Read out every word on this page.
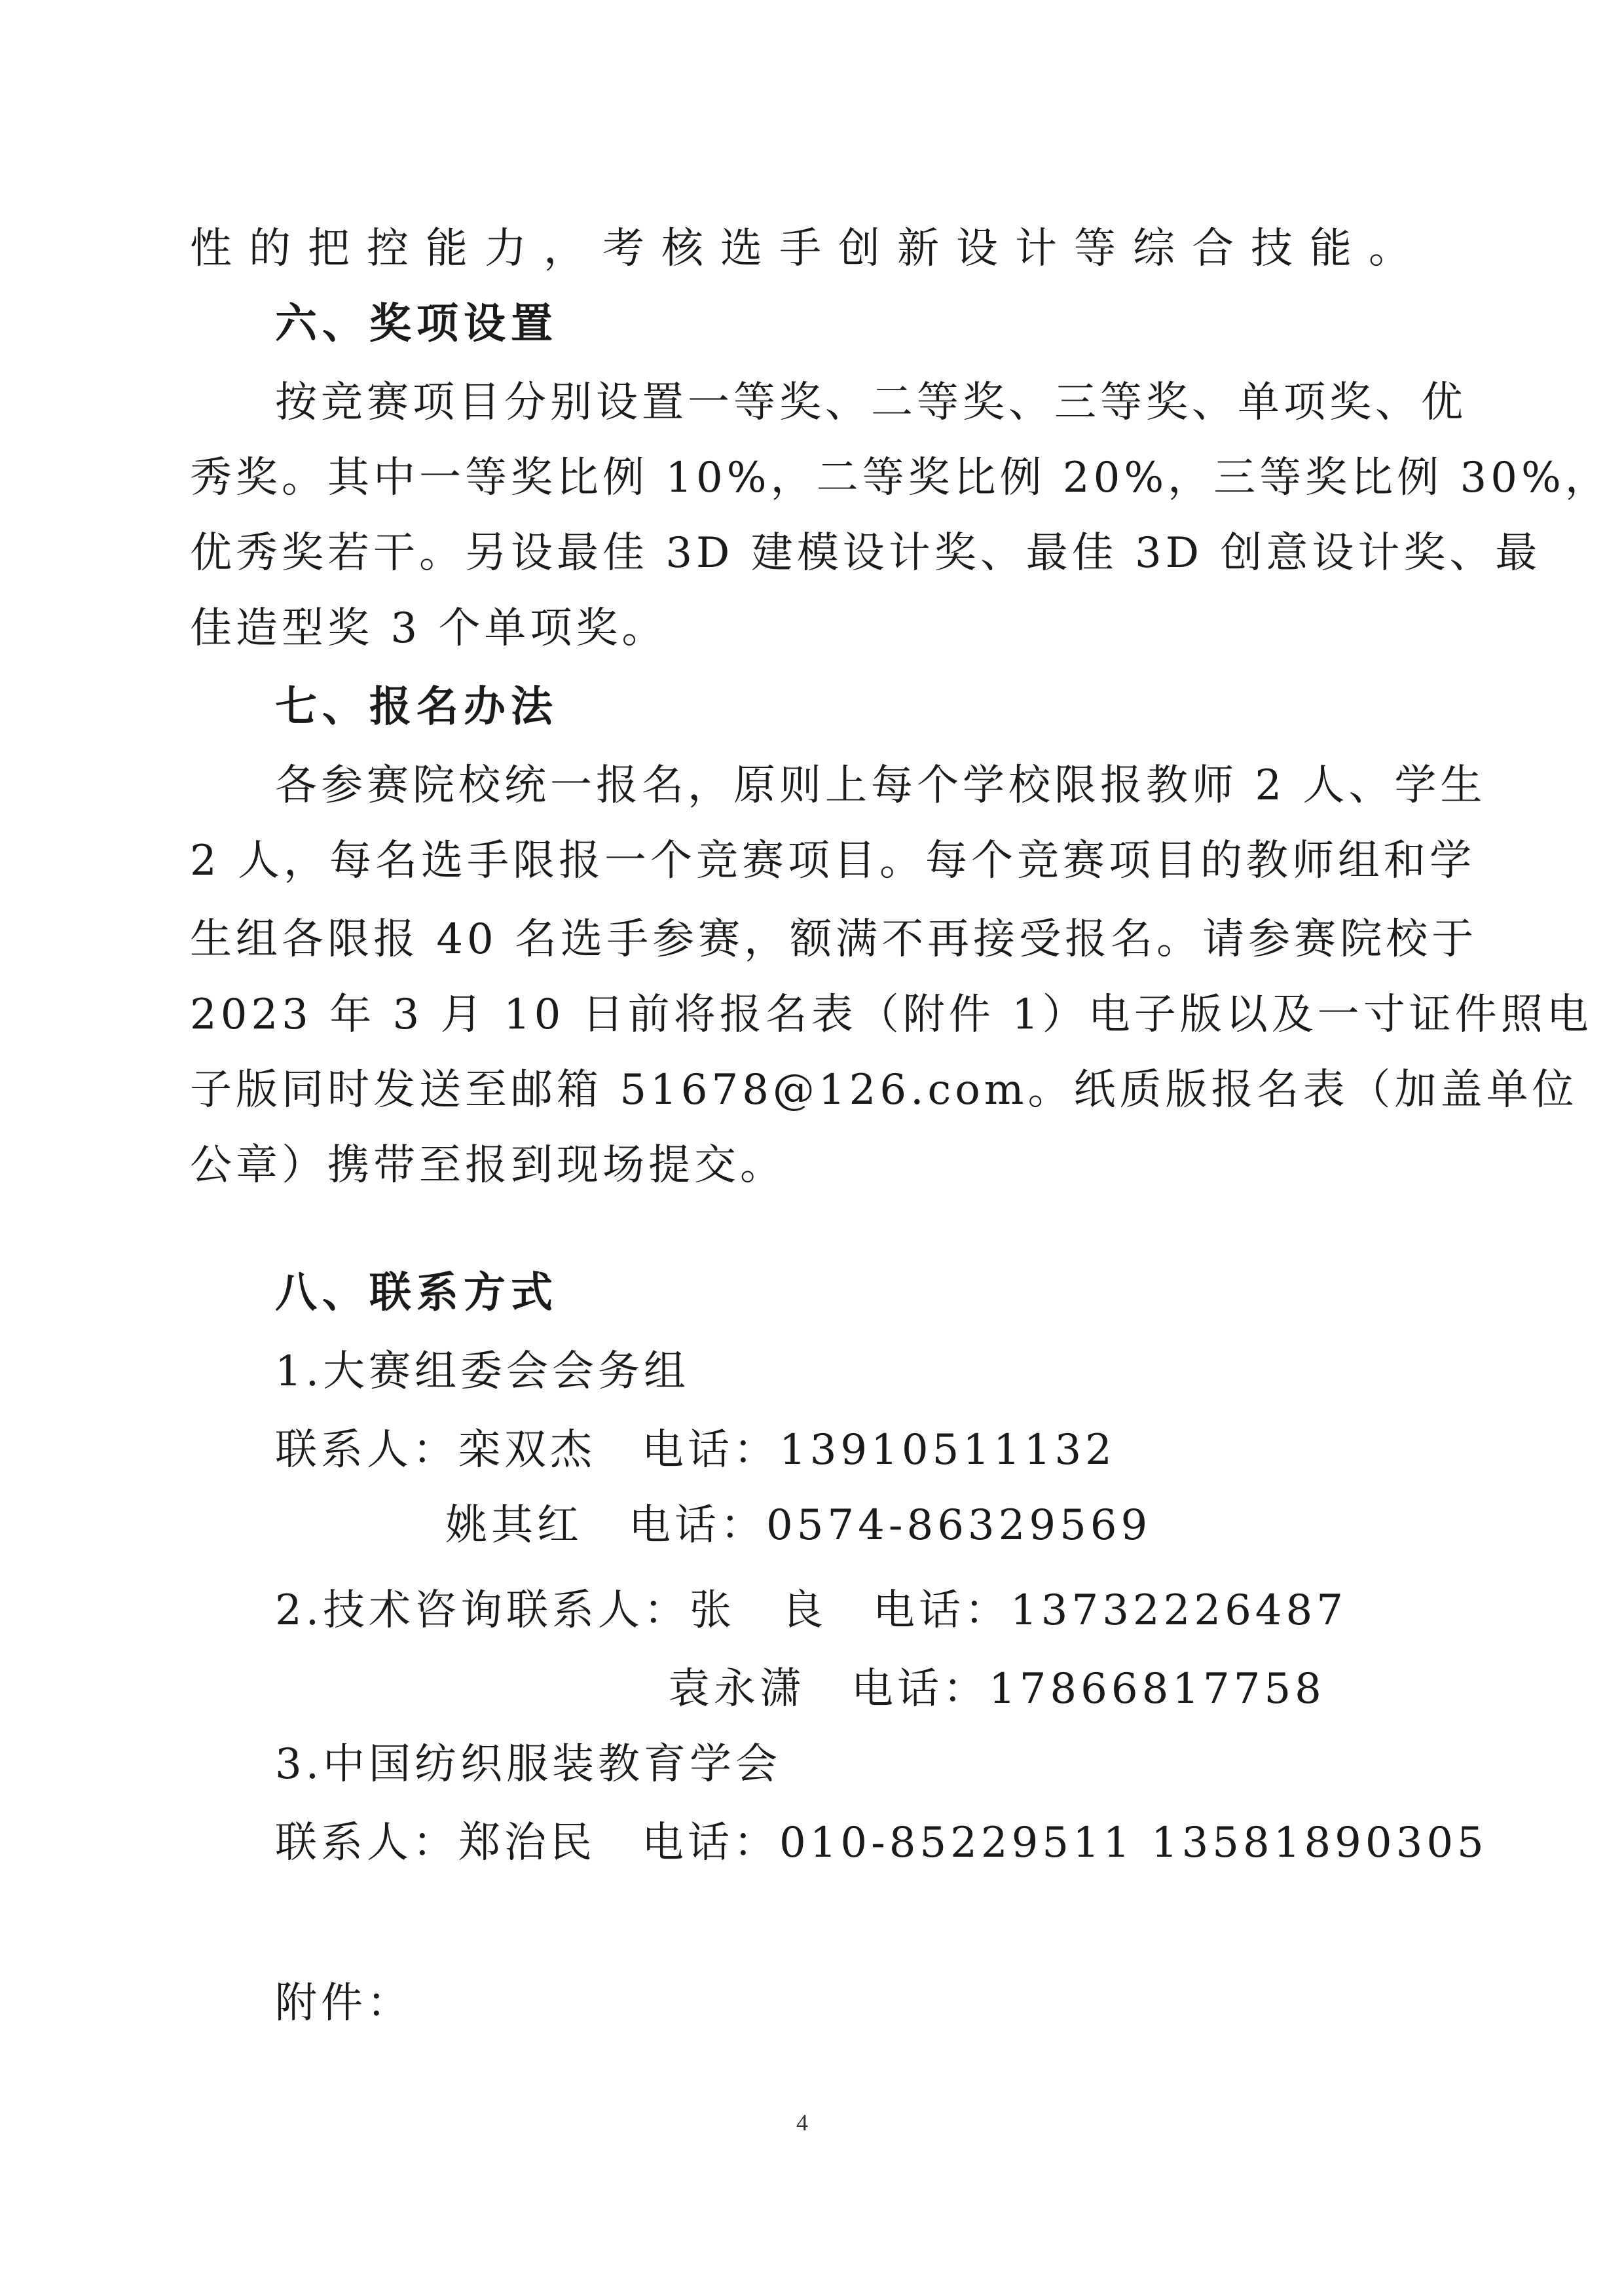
性的把控能力，考核选手创新设计等综合技能。
六、奖项设置
按竞赛项目分别设置一等奖、二等奖、三等奖、单项奖、优
秀奖。其中一等奖比例 10%，二等奖比例 20%，三等奖比例 30%，
优秀奖若干。另设最佳 3D 建模设计奖、最佳 3D 创意设计奖、最
佳造型奖 3 个单项奖。
七、报名办法
各参赛院校统一报名，原则上每个学校限报教师 2 人、学生
2 人，每名选手限报一个竞赛项目。每个竞赛项目的教师组和学
生组各限报 40 名选手参赛，额满不再接受报名。请参赛院校于
2023 年 3 月 10 日前将报名表（附件 1）电子版以及一寸证件照电
子版同时发送至邮箱 51678@126.com。纸质版报名表（加盖单位
公章）携带至报到现场提交。
八、联系方式
1.大赛组委会会务组
联系人：栾双杰　电话：13910511132
姚其红　电话：0574-86329569
2.技术咨询联系人：张　良　电话：13732226487
袁永潇　电话：17866817758
3.中国纺织服装教育学会
联系人：郑治民　电话：010-85229511 13581890305
附件：
4
